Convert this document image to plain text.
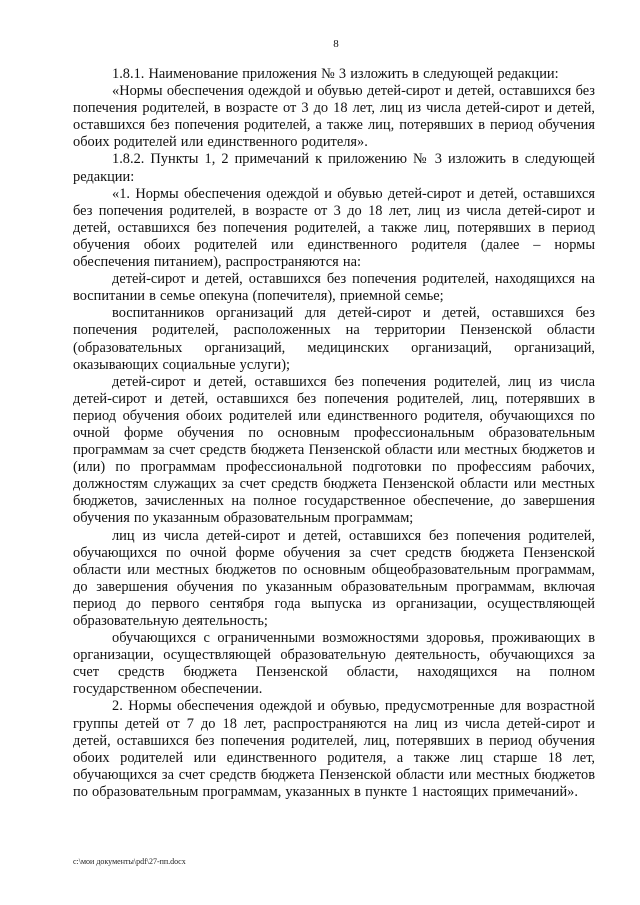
8

1.8.1. Наименование приложения № 3 изложить в следующей редакции:

«Нормы обеспечения одеждой и обувью детей-сирот и детей, оставшихся без попечения родителей, в возрасте от 3 до 18 лет, лиц из числа детей-сирот и детей, оставшихся без попечения родителей, а также лиц, потерявших в период обучения обоих родителей или единственного родителя».

1.8.2. Пункты 1, 2 примечаний к приложению № 3 изложить в следующей редакции:

«1. Нормы обеспечения одеждой и обувью детей-сирот и детей, оставшихся без попечения родителей, в возрасте от 3 до 18 лет, лиц из числа детей-сирот и детей, оставшихся без попечения родителей, а также лиц, потерявших в период обучения обоих родителей или единственного родителя (далее – нормы обеспечения питанием), распространяются на:

детей-сирот и детей, оставшихся без попечения родителей, находящихся на воспитании в семье опекуна (попечителя), приемной семье;

воспитанников организаций для детей-сирот и детей, оставшихся без попечения родителей, расположенных на территории Пензенской области (образовательных организаций, медицинских организаций, организаций, оказывающих социальные услуги);

детей-сирот и детей, оставшихся без попечения родителей, лиц из числа детей-сирот и детей, оставшихся без попечения родителей, лиц, потерявших в период обучения обоих родителей или единственного родителя, обучающихся по очной форме обучения по основным профессиональным образовательным программам за счет средств бюджета Пензенской области или местных бюджетов и (или) по программам профессиональной подготовки по профессиям рабочих, должностям служащих за счет средств бюджета Пензенской области или местных бюджетов, зачисленных на полное государственное обеспечение, до завершения обучения по указанным образовательным программам;

лиц из числа детей-сирот и детей, оставшихся без попечения родителей, обучающихся по очной форме обучения за счет средств бюджета Пензенской области или местных бюджетов по основным общеобразовательным программам, до завершения обучения по указанным образовательным программам, включая период до первого сентября года выпуска из организации, осуществляющей образовательную деятельность;

обучающихся с ограниченными возможностями здоровья, проживающих в организации, осуществляющей образовательную деятельность, обучающихся за счет средств бюджета Пензенской области, находящихся на полном государственном обеспечении.

2. Нормы обеспечения одеждой и обувью, предусмотренные для возрастной группы детей от 7 до 18 лет, распространяются на лиц из числа детей-сирот и детей, оставшихся без попечения родителей, лиц, потерявших в период обучения обоих родителей или единственного родителя, а также лиц старше 18 лет, обучающихся за счет средств бюджета Пензенской области или местных бюджетов по образовательным программам, указанных в пункте 1 настоящих примечаний».

c:\мои документы\pdf\27-пп.docx
